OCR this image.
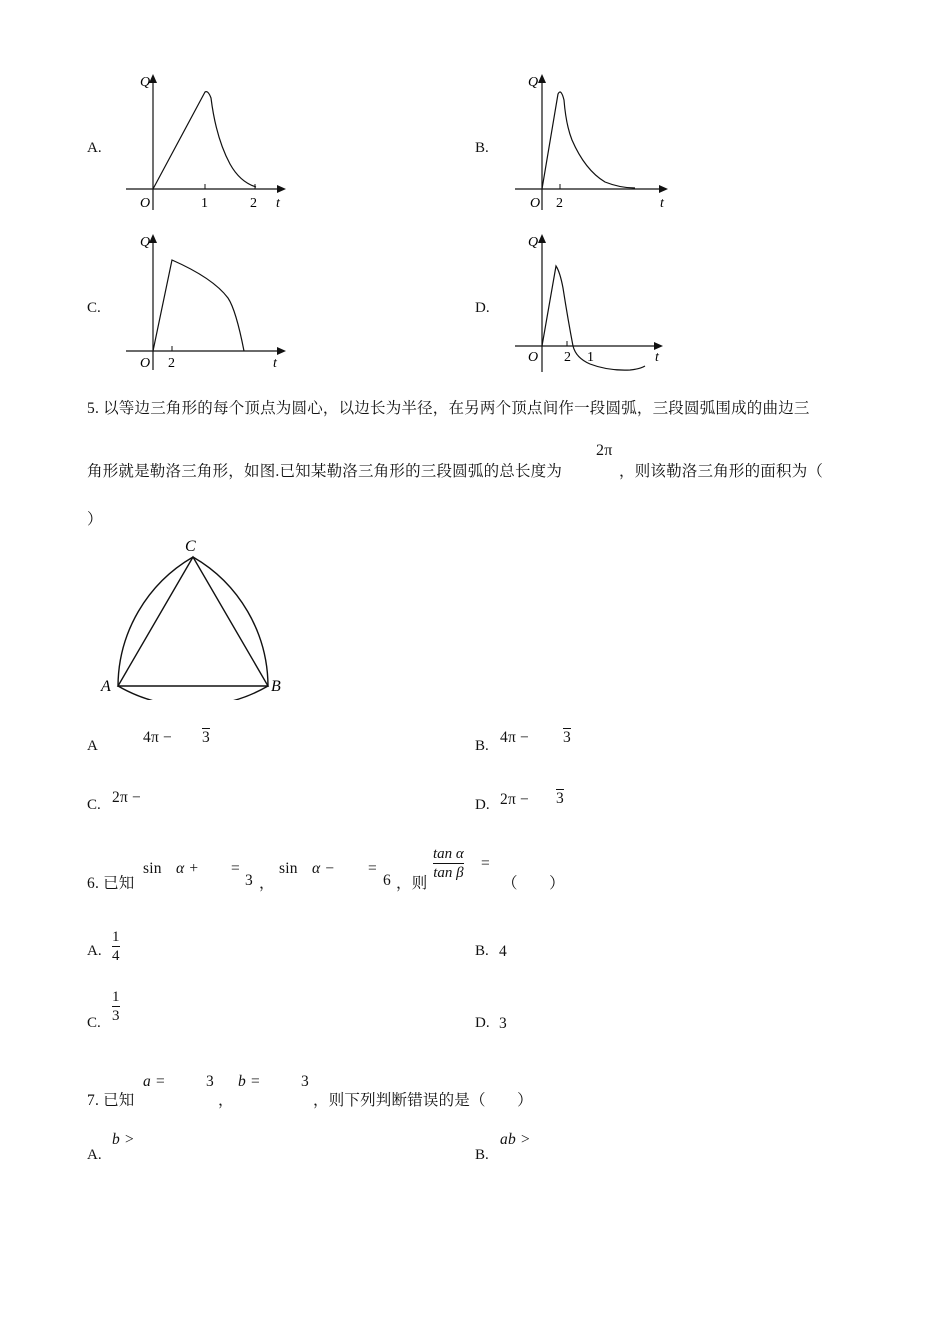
A.
Q
t
O	1	2
B.
Q
t
O 2
C.
Q
t
O 2
D.
Q
t
O 2 1
5. 以等边三角形的每个顶点为圆心，以边长为半径，在另两个顶点间作一段圆弧，三段圆弧围成的曲边三
角形就是勒洛三角形，如图.已知某勒洛三角形的三段圆弧的总长度为
2π
，则该勒洛三角形的面积为（
）
C
A	B
A	4π − 3	B. 4π − 3
C. 2π −	D. 2π − 3
6. 已知
sin α + =
3 ，
sin α − =
6 ，则
tan α
tan β
=
（　　）
A.
1
4	B. 4
C.
1
3	D. 3
7. 已知
a =	3
，
b =	3
，则下列判断错误的是（　　）
A.
b >
B.
ab >
